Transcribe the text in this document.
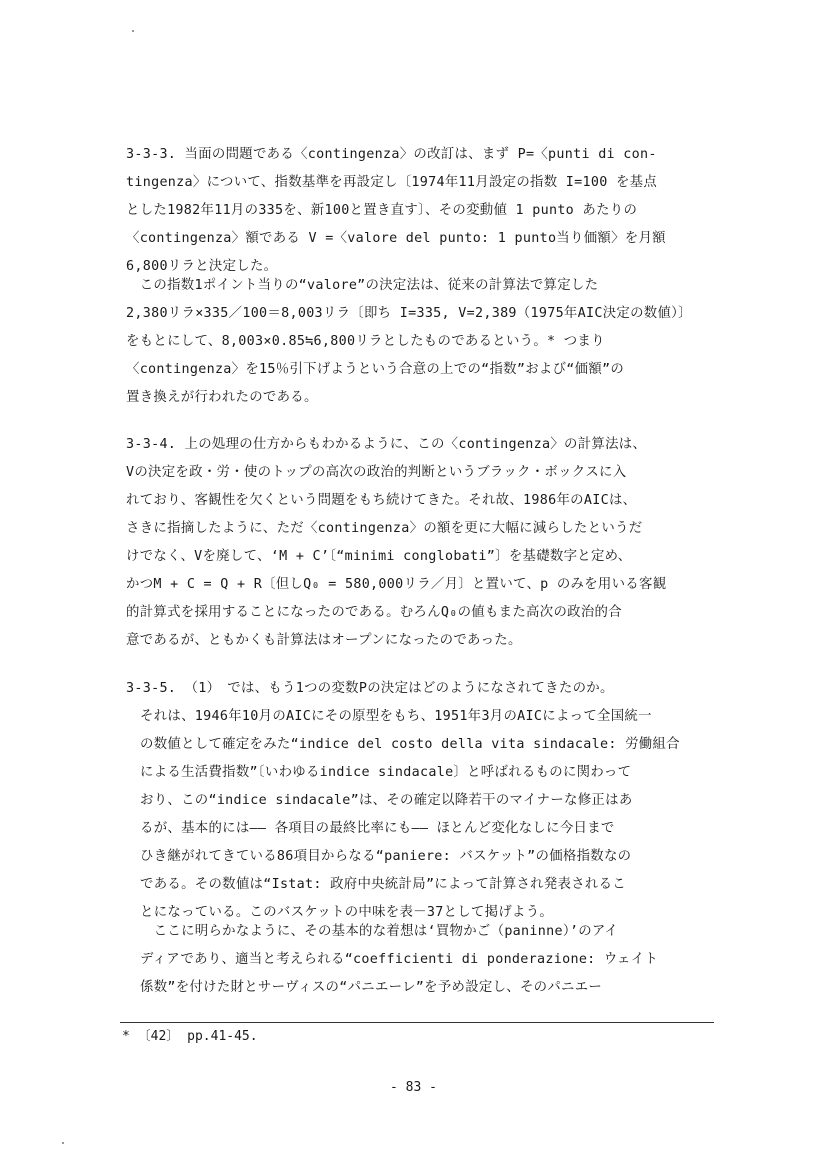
3-3-3. 当面の問題である〈contingenza〉の改訂は、まず P=〈punti di con-
tingenza〉について、指数基準を再設定し〔1974年11月設定の指数 I=100 を基点
とした1982年11月の335を、新100と置き直す〕、その変動値 1 punto あたりの
〈contingenza〉額である V =〈valore del punto: 1 punto当り価額〉を月額
6,800リラと決定した。
　この指数1ポイント当りの“valore”の決定法は、従来の計算法で算定した
2,380リラ×335／100＝8,003リラ〔即ち I=335, V=2,389（1975年AIC決定の数値）〕
をもとにして、8,003×0.85≒6,800リラとしたものであるという。* つまり
〈contingenza〉を15％引下げようという合意の上での“指数”および“価額”の
置き換えが行われたのである。
3-3-4. 上の処理の仕方からもわかるように、この〈contingenza〉の計算法は、
Vの決定を政・労・使のトップの高次の政治的判断というブラック・ボックスに入
れており、客観性を欠くという問題をもち続けてきた。それ故、1986年のAICは、
さきに指摘したように、ただ〈contingenza〉の額を更に大幅に減らしたというだ
けでなく、Vを廃して、‘M + C’〔“minimi conglobati”〕を基礎数字と定め、
かつM + C = Q + R〔但しQ₀ = 580,000リラ／月〕と置いて、p のみを用いる客観
的計算式を採用することになったのである。むろんQ₀の値もまた高次の政治的合
意であるが、ともかくも計算法はオープンになったのであった。
3-3-5. （1）　では、もう1つの変数Pの決定はどのようになされてきたのか。
それは、1946年10月のAICにその原型をもち、1951年3月のAICによって全国統一
の数値として確定をみた“indice del costo della vita sindacale: 労働組合
による生活費指数”〔いわゆるindice sindacale〕と呼ばれるものに関わって
おり、この“indice sindacale”は、その確定以降若干のマイナーな修正はあ
るが、基本的には―― 各項目の最終比率にも―― ほとんど変化なしに今日まで
ひき継がれてきている86項目からなる“paniere: バスケット”の価格指数なの
である。その数値は“Istat: 政府中央統計局”によって計算され発表されるこ
とになっている。このバスケットの中味を表－37として掲げよう。
　ここに明らかなように、その基本的な着想は‘買物かご（paninne）’のアイ
ディアであり、適当と考えられる“coefficienti di ponderazione: ウェイト
係数”を付けた財とサーヴィスの“パニエーレ”を予め設定し、そのパニエー
* 〔42〕 pp.41-45.
- 83 -
